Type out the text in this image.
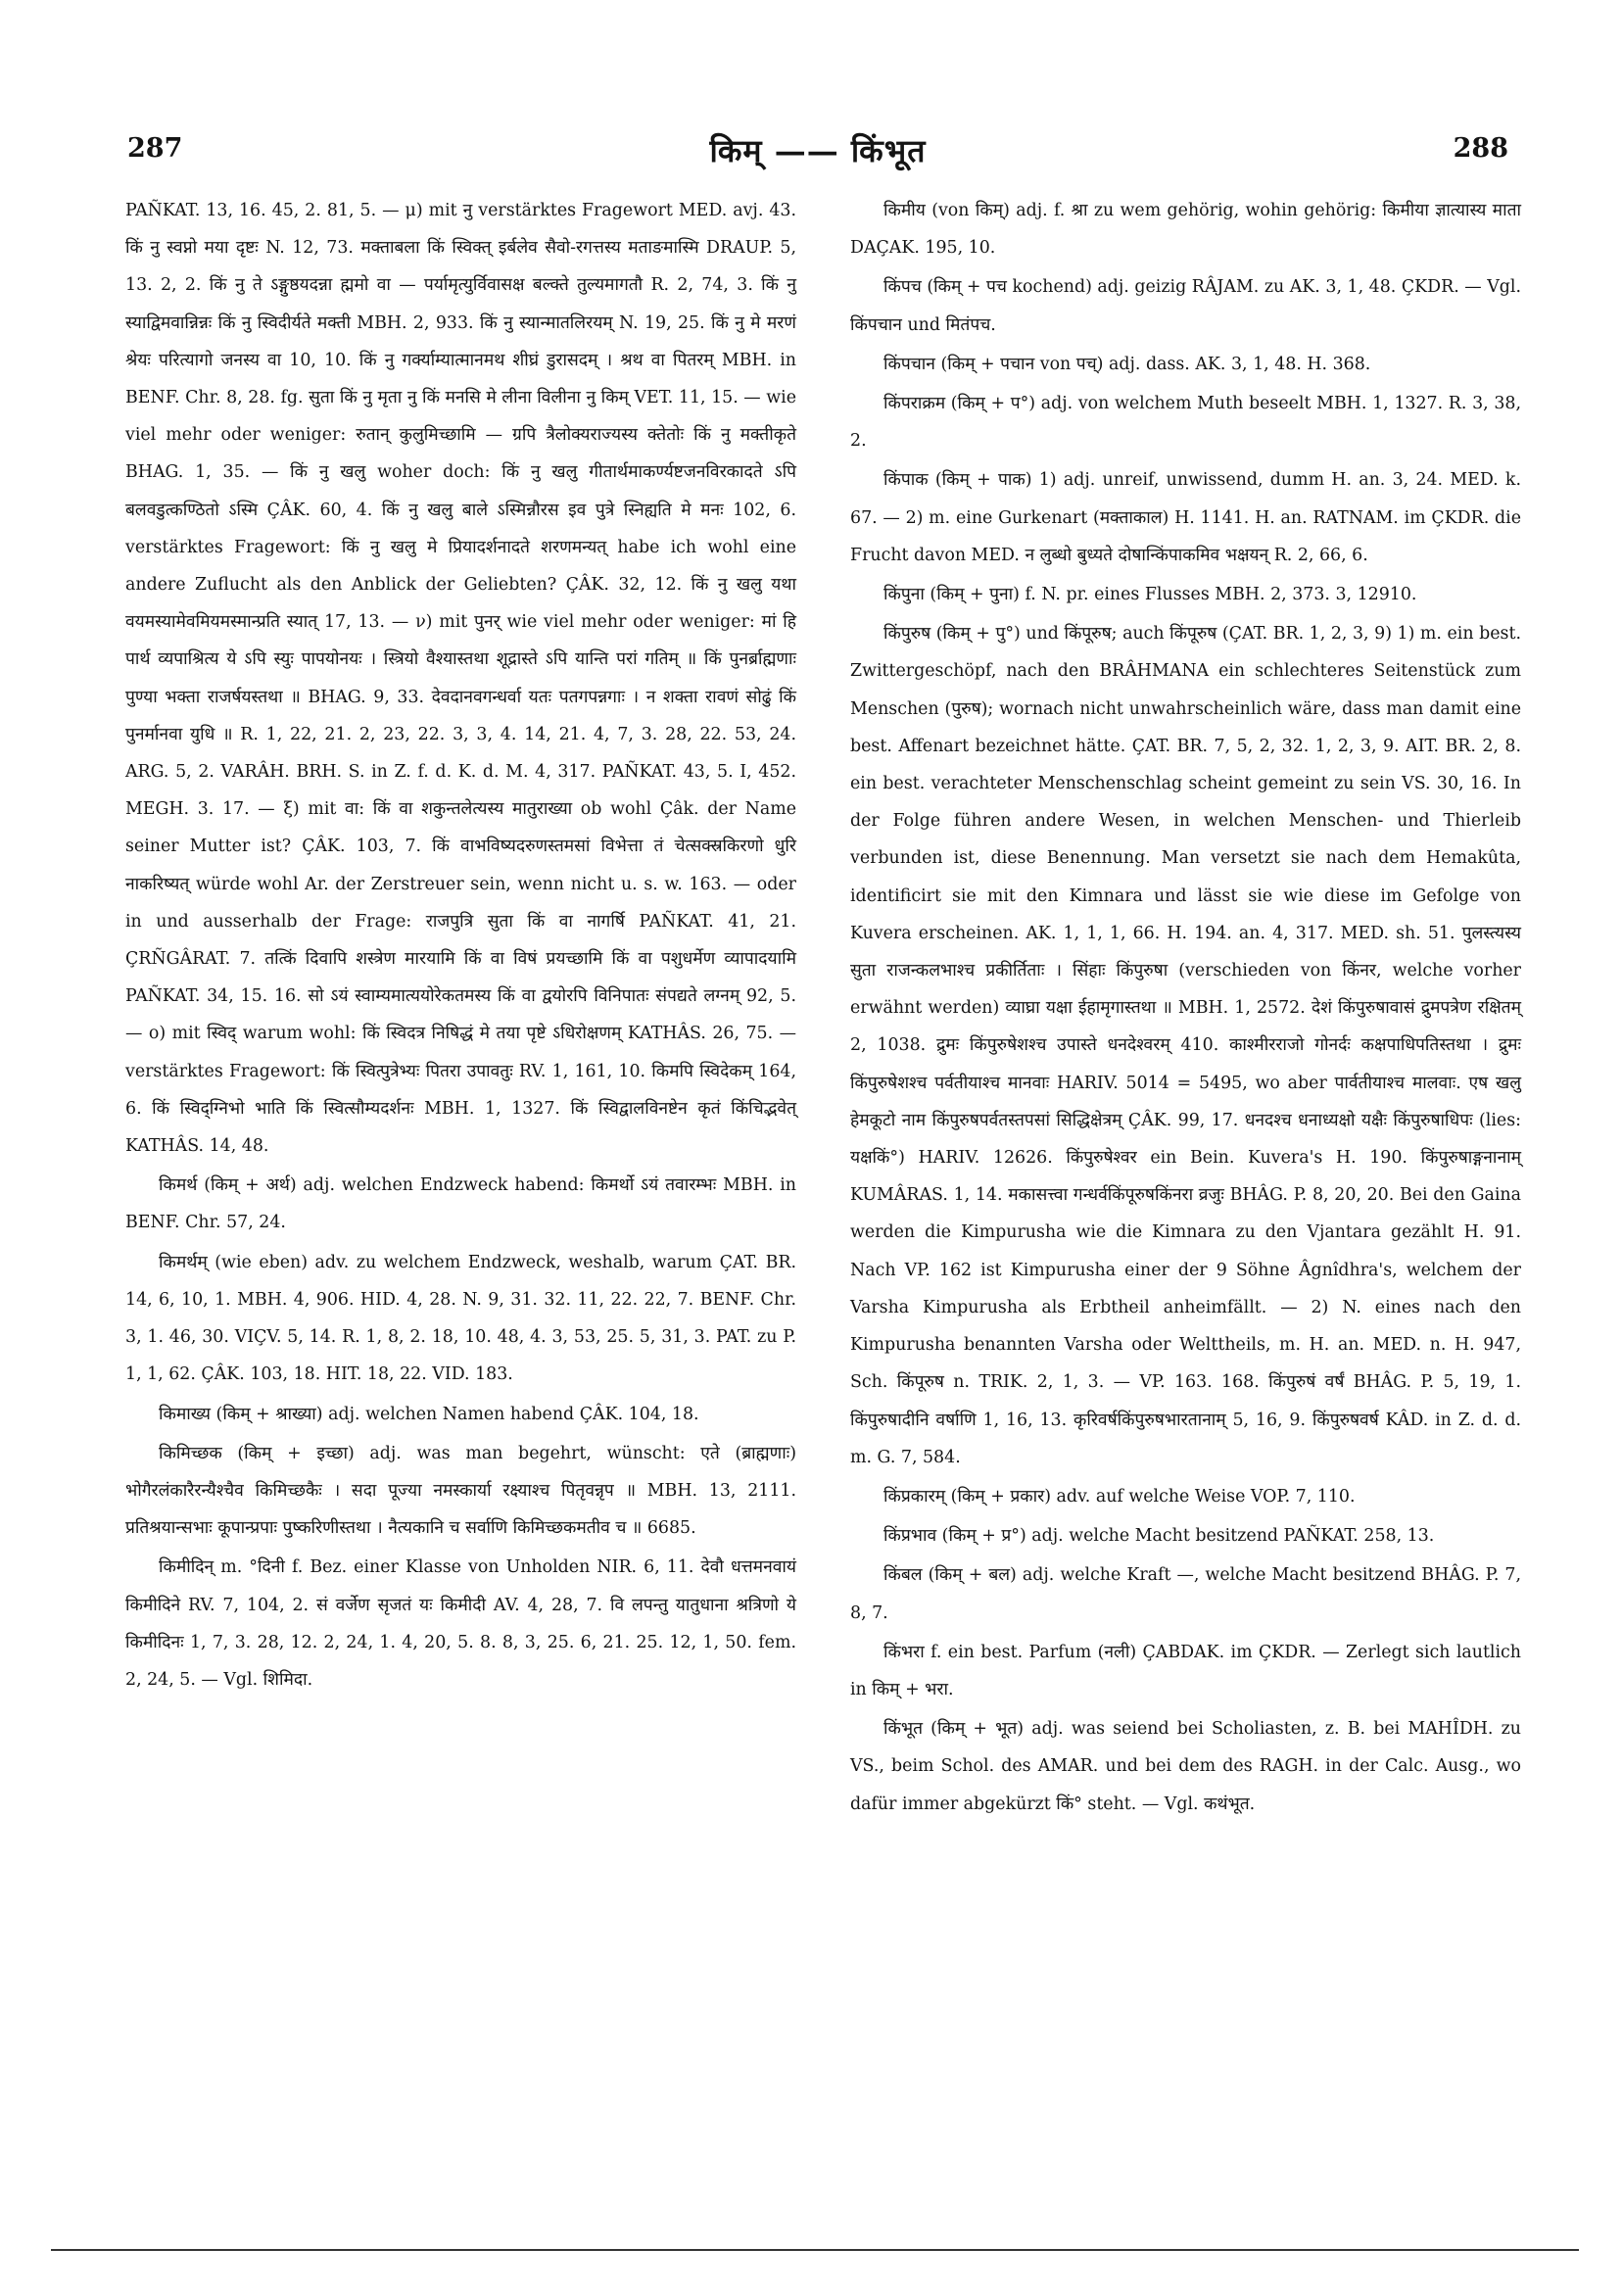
287	किम् —— किंभूत	288

PAÑKAT. 13, 16. 45, 2. 81, 5. — μ) mit नु verstärktes Fragewort MED. avj. 43. किं नु स्वप्नो मया दृष्टः N. 12, 73. मक्ताबला किं स्विक्त् इर्बलेव सैवो-रगत्तस्य मताङमास्मि DRAUP. 5, 13. 2, 2. किं नु ते ऽङ्गुष्ठयदन्ना ह्ममो वा — पर्यामृत्युर्विवासक्ष बल्क्ते तुल्यमागतौ R. 2, 74, 3. किं नु स्याद्विमवान्निन्नः किं नु स्विदीर्यते मक्ती MBH. 2, 933. किं नु स्यान्मातलिरयम् N. 19, 25. किं नु मे मरणं श्रेयः परित्यागो जनस्य वा 10, 10. किं नु गर्क्याम्यात्मानमथ शीघ्रं डुरासदम् । श्रथ वा पितरम् MBH. in BENF. Chr. 8, 28. fg. सुता किं नु मृता नु किं मनसि मे लीना विलीना नु किम् VET. 11, 15. — wie viel mehr oder weniger: रुतान् कुलुमिच्छामि — ग्रपि त्रैलोक्यराज्यस्य क्तेतोः किं नु मक्तीकृते BHAG. 1, 35. — किं नु खलु woher doch: किं नु खलु गीतार्थमाकर्ण्यष्टजनविरकादते ऽपि बलवडुत्कण्ठितो ऽस्मि ÇÂK. 60, 4. किं नु खलु बाले ऽस्मिन्नौरस इव पुत्रे स्निह्यति मे मनः 102, 6. verstärktes Fragewort: किं नु खलु मे प्रियादर्शनादते शरणमन्यत् habe ich wohl eine andere Zuflucht als den Anblick der Geliebten? ÇÂK. 32, 12. किं नु खलु यथा वयमस्यामेवमियमस्मान्प्रति स्यात् 17, 13. — ν) mit पुनर् wie viel mehr oder weniger: मां हि पार्थ व्यपाश्रित्य ये ऽपि स्युः पापयोनयः । स्त्रियो वैश्यास्तथा शूद्रास्ते ऽपि यान्ति परां गतिम् ॥ किं पुनर्ब्राह्मणाः पुण्या भक्ता राजर्षयस्तथा ॥ BHAG. 9, 33. देवदानवगन्धर्वा यतः पतगपन्नगाः । न शक्ता रावणं सोढुं किं पुनर्मानवा युधि ॥ R. 1, 22, 21. 2, 23, 22. 3, 3, 4. 14, 21. 4, 7, 3. 28, 22. 53, 24. ARG. 5, 2. VARÂH. BRH. S. in Z. f. d. K. d. M. 4, 317. PAÑKAT. 43, 5. I, 452. MEGH. 3. 17. — ξ) mit वा: किं वा शकुन्तलेत्यस्य मातुराख्या ob wohl Çâk. der Name seiner Mutter ist? ÇÂK. 103, 7. किं वाभविष्यदरुणस्तमसां विभेत्ता तं चेत्सक्स्रकिरणो धुरि नाकरिष्यत् würde wohl Ar. der Zerstreuer sein, wenn nicht u. s. w. 163. — oder in und ausserhalb der Frage: राजपुत्रि सुता किं वा नागर्षि PAÑKAT. 41, 21. ÇRÑGÂRAT. 7. तत्किं दिवापि शस्त्रेण मारयामि किं वा विषं प्रयच्छामि किं वा पशुधर्मेण व्यापादयामि PAÑKAT. 34, 15. 16. सो ऽयं स्वाम्यमात्ययोरेकतमस्य किं वा द्वयोरपि विनिपातः संपद्यते लग्नम् 92, 5. — ο) mit स्विद् warum wohl: किं स्विदत्र निषिद्धं मे तया पृष्टे ऽधिरोक्षणम् KATHÂS. 26, 75. — verstärktes Fragewort: किं स्वित्पुत्रेभ्यः पितरा उपावतुः RV. 1, 161, 10. किमपि स्विदेकम् 164, 6. किं स्विद्ग्निभो भाति किं स्वित्सौम्यदर्शनः MBH. 1, 1327. किं स्विद्वालविनष्टेन कृतं किंचिद्भवेत् KATHÂS. 14, 48.

किमर्थ (किम् + अर्थ) adj. welchen Endzweck habend: किमर्थो ऽयं तवारम्भः MBH. in BENF. Chr. 57, 24.

किमर्थम् (wie eben) adv. zu welchem Endzweck, weshalb, warum ÇAT. BR. 14, 6, 10, 1. MBH. 4, 906. HID. 4, 28. N. 9, 31. 32. 11, 22. 22, 7. BENF. Chr. 3, 1. 46, 30. VIÇV. 5, 14. R. 1, 8, 2. 18, 10. 48, 4. 3, 53, 25. 5, 31, 3. PAT. zu P. 1, 1, 62. ÇÂK. 103, 18. HIT. 18, 22. VID. 183.

किमाख्य (किम् + श्राख्या) adj. welchen Namen habend ÇÂK. 104, 18.

किमिच्छक (किम् + इच्छा) adj. was man begehrt, wünscht: एते (ब्राह्मणाः) भोगैरलंकारैरन्यैश्चैव किमिच्छकैः । सदा पूज्या नमस्कार्या रक्ष्याश्च पितृवन्नृप ॥ MBH. 13, 2111. प्रतिश्रयान्सभाः कूपान्प्रपाः पुष्करिणीस्तथा । नैत्यकानि च सर्वाणि किमिच्छकमतीव च ॥ 6685.

किमीदिन् m. °दिनी f. Bez. einer Klasse von Unholden NIR. 6, 11. देवौ धत्तमनवायं किमीदिने RV. 7, 104, 2. सं वर्जेण सृजतं यः किमीदी AV. 4, 28, 7. वि लपन्तु यातुधाना श्रत्रिणो ये किमीदिनः 1, 7, 3. 28, 12. 2, 24, 1. 4, 20, 5. 8. 8, 3, 25. 6, 21. 25. 12, 1, 50. fem. 2, 24, 5. — Vgl. शिमिदा.

किमीय (von किम्) adj. f. श्रा zu wem gehörig, wohin gehörig: किमीया ज्ञात्यास्य माता DAÇAK. 195, 10.

किंपच (किम् + पच kochend) adj. geizig RÂJAM. zu AK. 3, 1, 48. ÇKDR. — Vgl. किंपचान und मितंपच.

किंपचान (किम् + पचान von पच्) adj. dass. AK. 3, 1, 48. H. 368.

किंपराक्रम (किम् + प°) adj. von welchem Muth beseelt MBH. 1, 1327. R. 3, 38, 2.

किंपाक (किम् + पाक) 1) adj. unreif, unwissend, dumm H. an. 3, 24. MED. k. 67. — 2) m. eine Gurkenart (मक्ताकाल) H. 1141. H. an. RATNAM. im ÇKDR. die Frucht davon MED. न लुब्धो बुध्यते दोषान्किंपाकमिव भक्षयन् R. 2, 66, 6.

किंपुना (किम् + पुना) f. N. pr. eines Flusses MBH. 2, 373. 3, 12910.

किंपुरुष (किम् + पु°) und किंपूरुष; auch किंपूरुष (ÇAT. BR. 1, 2, 3, 9) 1) m. ein best. Zwittergeschöpf, nach den BRÂHMANA ein schlechteres Seitenstück zum Menschen (पुरुष); wornach nicht unwahrscheinlich wäre, dass man damit eine best. Affenart bezeichnet hätte. ÇAT. BR. 7, 5, 2, 32. 1, 2, 3, 9. AIT. BR. 2, 8. ein best. verachteter Menschenschlag scheint gemeint zu sein VS. 30, 16. In der Folge führen andere Wesen, in welchen Menschen- und Thierleib verbunden ist, diese Benennung. Man versetzt sie nach dem Hemakûta, identificirt sie mit den Kimnara und lässt sie wie diese im Gefolge von Kuvera erscheinen. AK. 1, 1, 1, 66. H. 194. an. 4, 317. MED. sh. 51. पुलस्त्यस्य सुता राजन्कलभाश्च प्रकीर्तिताः । सिंहाः किंपुरुषा (verschieden von किंनर, welche vorher erwähnt werden) व्याघ्रा यक्षा ईहामृगास्तथा ॥ MBH. 1, 2572. देशं किंपुरुषावासं द्रुमपत्रेण रक्षितम् 2, 1038. द्रुमः किंपुरुषेशश्च उपास्ते धनदेश्वरम् 410. काश्मीरराजो गोनर्दः कक्षपाधिपतिस्तथा । द्रुमः किंपुरुषेशश्च पर्वतीयाश्च मानवाः HARIV. 5014 = 5495, wo aber पार्वतीयाश्च मालवाः. एष खलु हेमकूटो नाम किंपुरुषपर्वतस्तपसां सिद्धिक्षेत्रम् ÇÂK. 99, 17. धनदश्च धनाध्यक्षो यक्षैः किंपुरुषाधिपः (lies: यक्षकिं°) HARIV. 12626. किंपुरुषेश्वर ein Bein. Kuvera's H. 190. किंपुरुषाङ्गनानाम् KUMÂRAS. 1, 14. मकासत्त्वा गन्धर्वकिंपूरुषकिंनरा व्रजुः BHÂG. P. 8, 20, 20. Bei den Gaina werden die Kimpurusha wie die Kimnara zu den Vjantara gezählt H. 91. Nach VP. 162 ist Kimpurusha einer der 9 Söhne Âgnîdhra's, welchem der Varsha Kimpurusha als Erbtheil anheimfällt. — 2) N. eines nach den Kimpurusha benannten Varsha oder Welttheils, m. H. an. MED. n. H. 947, Sch. किंपूरुष n. TRIK. 2, 1, 3. — VP. 163. 168. किंपुरुषं वर्षं BHÂG. P. 5, 19, 1. किंपुरुषादीनि वर्षाणि 1, 16, 13. कृरिवर्षकिंपुरुषभारतानाम् 5, 16, 9. किंपुरुषवर्ष KÂD. in Z. d. d. m. G. 7, 584.

किंप्रकारम् (किम् + प्रकार) adv. auf welche Weise VOP. 7, 110.

किंप्रभाव (किम् + प्र°) adj. welche Macht besitzend PAÑKAT. 258, 13.

किंबल (किम् + बल) adj. welche Kraft —, welche Macht besitzend BHÂG. P. 7, 8, 7.

किंभरा f. ein best. Parfum (नली) ÇABDAK. im ÇKDR. — Zerlegt sich lautlich in किम् + भरा.

किंभूत (किम् + भूत) adj. was seiend bei Scholiasten, z. B. bei MAHÎDH. zu VS., beim Schol. des AMAR. und bei dem des RAGH. in der Calc. Ausg., wo dafür immer abgekürzt किं° steht. — Vgl. कथंभूत.
